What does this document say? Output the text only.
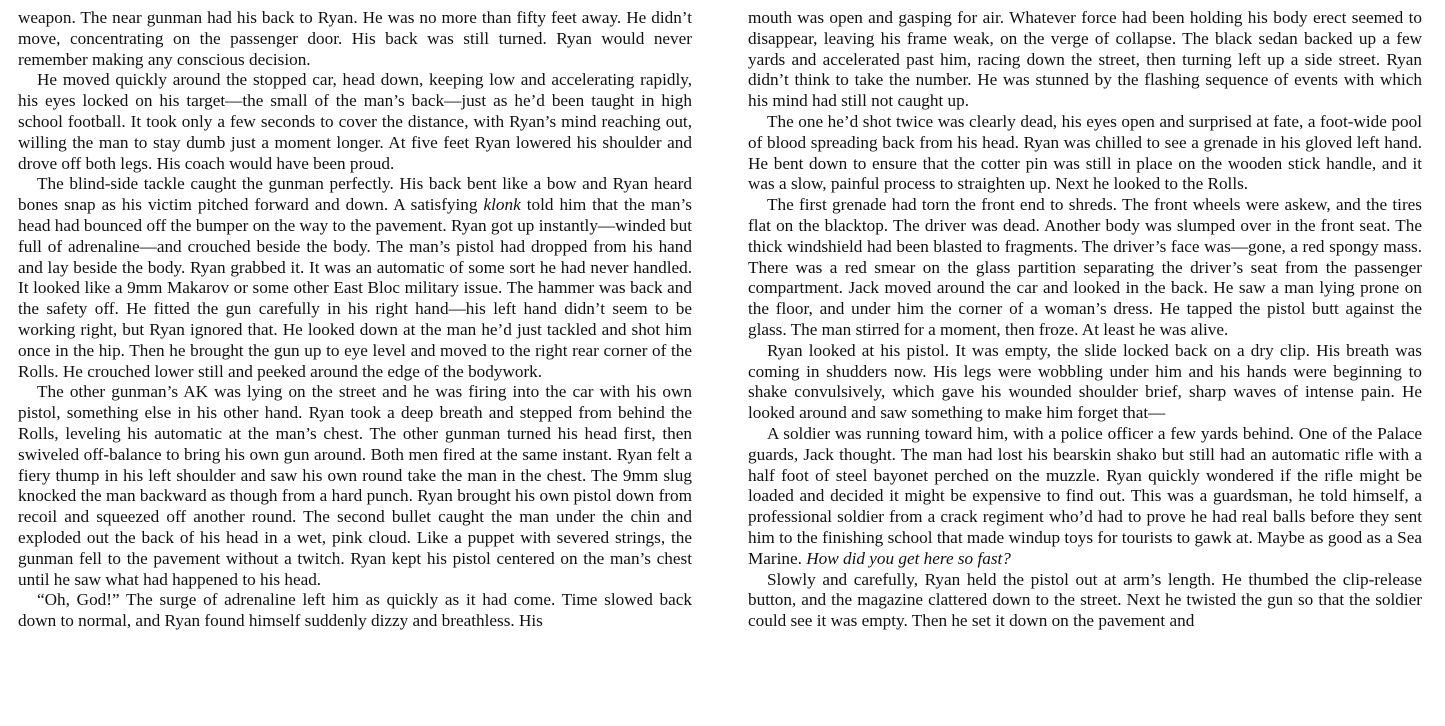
weapon. The near gunman had his back to Ryan. He was no more than fifty feet away. He didn’t move, concentrating on the passenger door. His back was still turned. Ryan would never remember making any conscious decision.

He moved quickly around the stopped car, head down, keeping low and accelerating rapidly, his eyes locked on his target—the small of the man’s back—just as he’d been taught in high school football. It took only a few seconds to cover the distance, with Ryan’s mind reaching out, willing the man to stay dumb just a moment longer. At five feet Ryan lowered his shoulder and drove off both legs. His coach would have been proud.

The blind-side tackle caught the gunman perfectly. His back bent like a bow and Ryan heard bones snap as his victim pitched forward and down. A satisfying klonk told him that the man’s head had bounced off the bumper on the way to the pavement. Ryan got up instantly—winded but full of adrenaline—and crouched beside the body. The man’s pistol had dropped from his hand and lay beside the body. Ryan grabbed it. It was an automatic of some sort he had never handled. It looked like a 9mm Makarov or some other East Bloc military issue. The hammer was back and the safety off. He fitted the gun carefully in his right hand—his left hand didn’t seem to be working right, but Ryan ignored that. He looked down at the man he’d just tackled and shot him once in the hip. Then he brought the gun up to eye level and moved to the right rear corner of the Rolls. He crouched lower still and peeked around the edge of the bodywork.

The other gunman’s AK was lying on the street and he was firing into the car with his own pistol, something else in his other hand. Ryan took a deep breath and stepped from behind the Rolls, leveling his automatic at the man’s chest. The other gunman turned his head first, then swiveled off-balance to bring his own gun around. Both men fired at the same instant. Ryan felt a fiery thump in his left shoulder and saw his own round take the man in the chest. The 9mm slug knocked the man backward as though from a hard punch. Ryan brought his own pistol down from recoil and squeezed off another round. The second bullet caught the man under the chin and exploded out the back of his head in a wet, pink cloud. Like a puppet with severed strings, the gunman fell to the pavement without a twitch. Ryan kept his pistol centered on the man’s chest until he saw what had happened to his head.

“Oh, God!” The surge of adrenaline left him as quickly as it had come. Time slowed back down to normal, and Ryan found himself suddenly dizzy and breathless. His

mouth was open and gasping for air. Whatever force had been holding his body erect seemed to disappear, leaving his frame weak, on the verge of collapse. The black sedan backed up a few yards and accelerated past him, racing down the street, then turning left up a side street. Ryan didn’t think to take the number. He was stunned by the flashing sequence of events with which his mind had still not caught up.

The one he’d shot twice was clearly dead, his eyes open and surprised at fate, a foot-wide pool of blood spreading back from his head. Ryan was chilled to see a grenade in his gloved left hand. He bent down to ensure that the cotter pin was still in place on the wooden stick handle, and it was a slow, painful process to straighten up. Next he looked to the Rolls.

The first grenade had torn the front end to shreds. The front wheels were askew, and the tires flat on the blacktop. The driver was dead. Another body was slumped over in the front seat. The thick windshield had been blasted to fragments. The driver’s face was—gone, a red spongy mass. There was a red smear on the glass partition separating the driver’s seat from the passenger compartment. Jack moved around the car and looked in the back. He saw a man lying prone on the floor, and under him the corner of a woman’s dress. He tapped the pistol butt against the glass. The man stirred for a moment, then froze. At least he was alive.

Ryan looked at his pistol. It was empty, the slide locked back on a dry clip. His breath was coming in shudders now. His legs were wobbling under him and his hands were beginning to shake convulsively, which gave his wounded shoulder brief, sharp waves of intense pain. He looked around and saw something to make him forget that—

A soldier was running toward him, with a police officer a few yards behind. One of the Palace guards, Jack thought. The man had lost his bearskin shako but still had an automatic rifle with a half foot of steel bayonet perched on the muzzle. Ryan quickly wondered if the rifle might be loaded and decided it might be expensive to find out. This was a guardsman, he told himself, a professional soldier from a crack regiment who’d had to prove he had real balls before they sent him to the finishing school that made windup toys for tourists to gawk at. Maybe as good as a Sea Marine. How did you get here so fast?

Slowly and carefully, Ryan held the pistol out at arm’s length. He thumbed the clip-release button, and the magazine clattered down to the street. Next he twisted the gun so that the soldier could see it was empty. Then he set it down on the pavement and
